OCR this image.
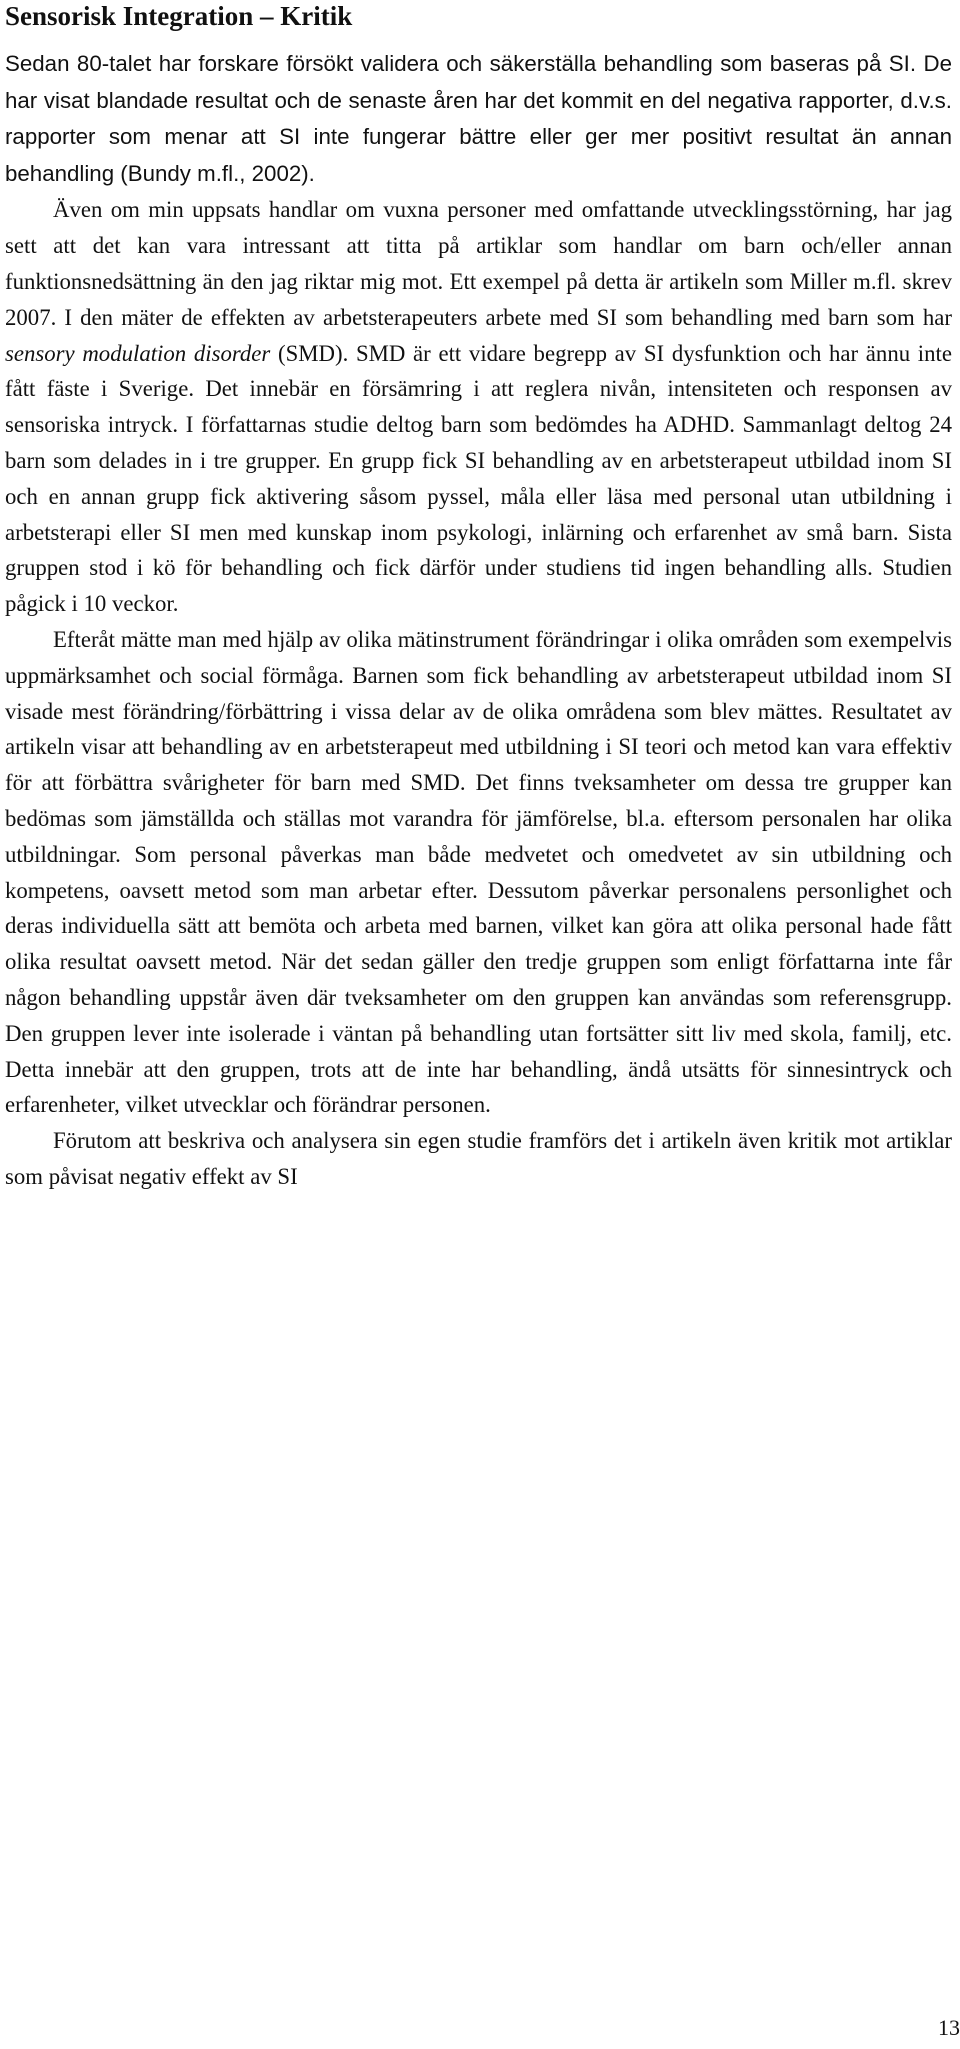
Sensorisk Integration – Kritik

Sedan 80-talet har forskare försökt validera och säkerställa behandling som baseras på SI. De har visat blandade resultat och de senaste åren har det kommit en del negativa rapporter, d.v.s. rapporter som menar att SI inte fungerar bättre eller ger mer positivt resultat än annan behandling (Bundy m.fl., 2002).

Även om min uppsats handlar om vuxna personer med omfattande utvecklingsstörning, har jag sett att det kan vara intressant att titta på artiklar som handlar om barn och/eller annan funktionsnedsättning än den jag riktar mig mot. Ett exempel på detta är artikeln som Miller m.fl. skrev 2007. I den mäter de effekten av arbetsterapeuters arbete med SI som behandling med barn som har sensory modulation disorder (SMD). SMD är ett vidare begrepp av SI dysfunktion och har ännu inte fått fäste i Sverige. Det innebär en försämring i att reglera nivån, intensiteten och responsen av sensoriska intryck. I författarnas studie deltog barn som bedömdes ha ADHD. Sammanlagt deltog 24 barn som delades in i tre grupper. En grupp fick SI behandling av en arbetsterapeut utbildad inom SI och en annan grupp fick aktivering såsom pyssel, måla eller läsa med personal utan utbildning i arbetsterapi eller SI men med kunskap inom psykologi, inlärning och erfarenhet av små barn. Sista gruppen stod i kö för behandling och fick därför under studiens tid ingen behandling alls. Studien pågick i 10 veckor.

Efteråt mätte man med hjälp av olika mätinstrument förändringar i olika områden som exempelvis uppmärksamhet och social förmåga. Barnen som fick behandling av arbetsterapeut utbildad inom SI visade mest förändring/förbättring i vissa delar av de olika områdena som blev mättes. Resultatet av artikeln visar att behandling av en arbetsterapeut med utbildning i SI teori och metod kan vara effektiv för att förbättra svårigheter för barn med SMD. Det finns tveksamheter om dessa tre grupper kan bedömas som jämställda och ställas mot varandra för jämförelse, bl.a. eftersom personalen har olika utbildningar. Som personal påverkas man både medvetet och omedvetet av sin utbildning och kompetens, oavsett metod som man arbetar efter. Dessutom påverkar personalens personlighet och deras individuella sätt att bemöta och arbeta med barnen, vilket kan göra att olika personal hade fått olika resultat oavsett metod. När det sedan gäller den tredje gruppen som enligt författarna inte får någon behandling uppstår även där tveksamheter om den gruppen kan användas som referensgrupp. Den gruppen lever inte isolerade i väntan på behandling utan fortsätter sitt liv med skola, familj, etc. Detta innebär att den gruppen, trots att de inte har behandling, ändå utsätts för sinnesintryck och erfarenheter, vilket utvecklar och förändrar personen.

Förutom att beskriva och analysera sin egen studie framförs det i artikeln även kritik mot artiklar som påvisat negativ effekt av SI

13
